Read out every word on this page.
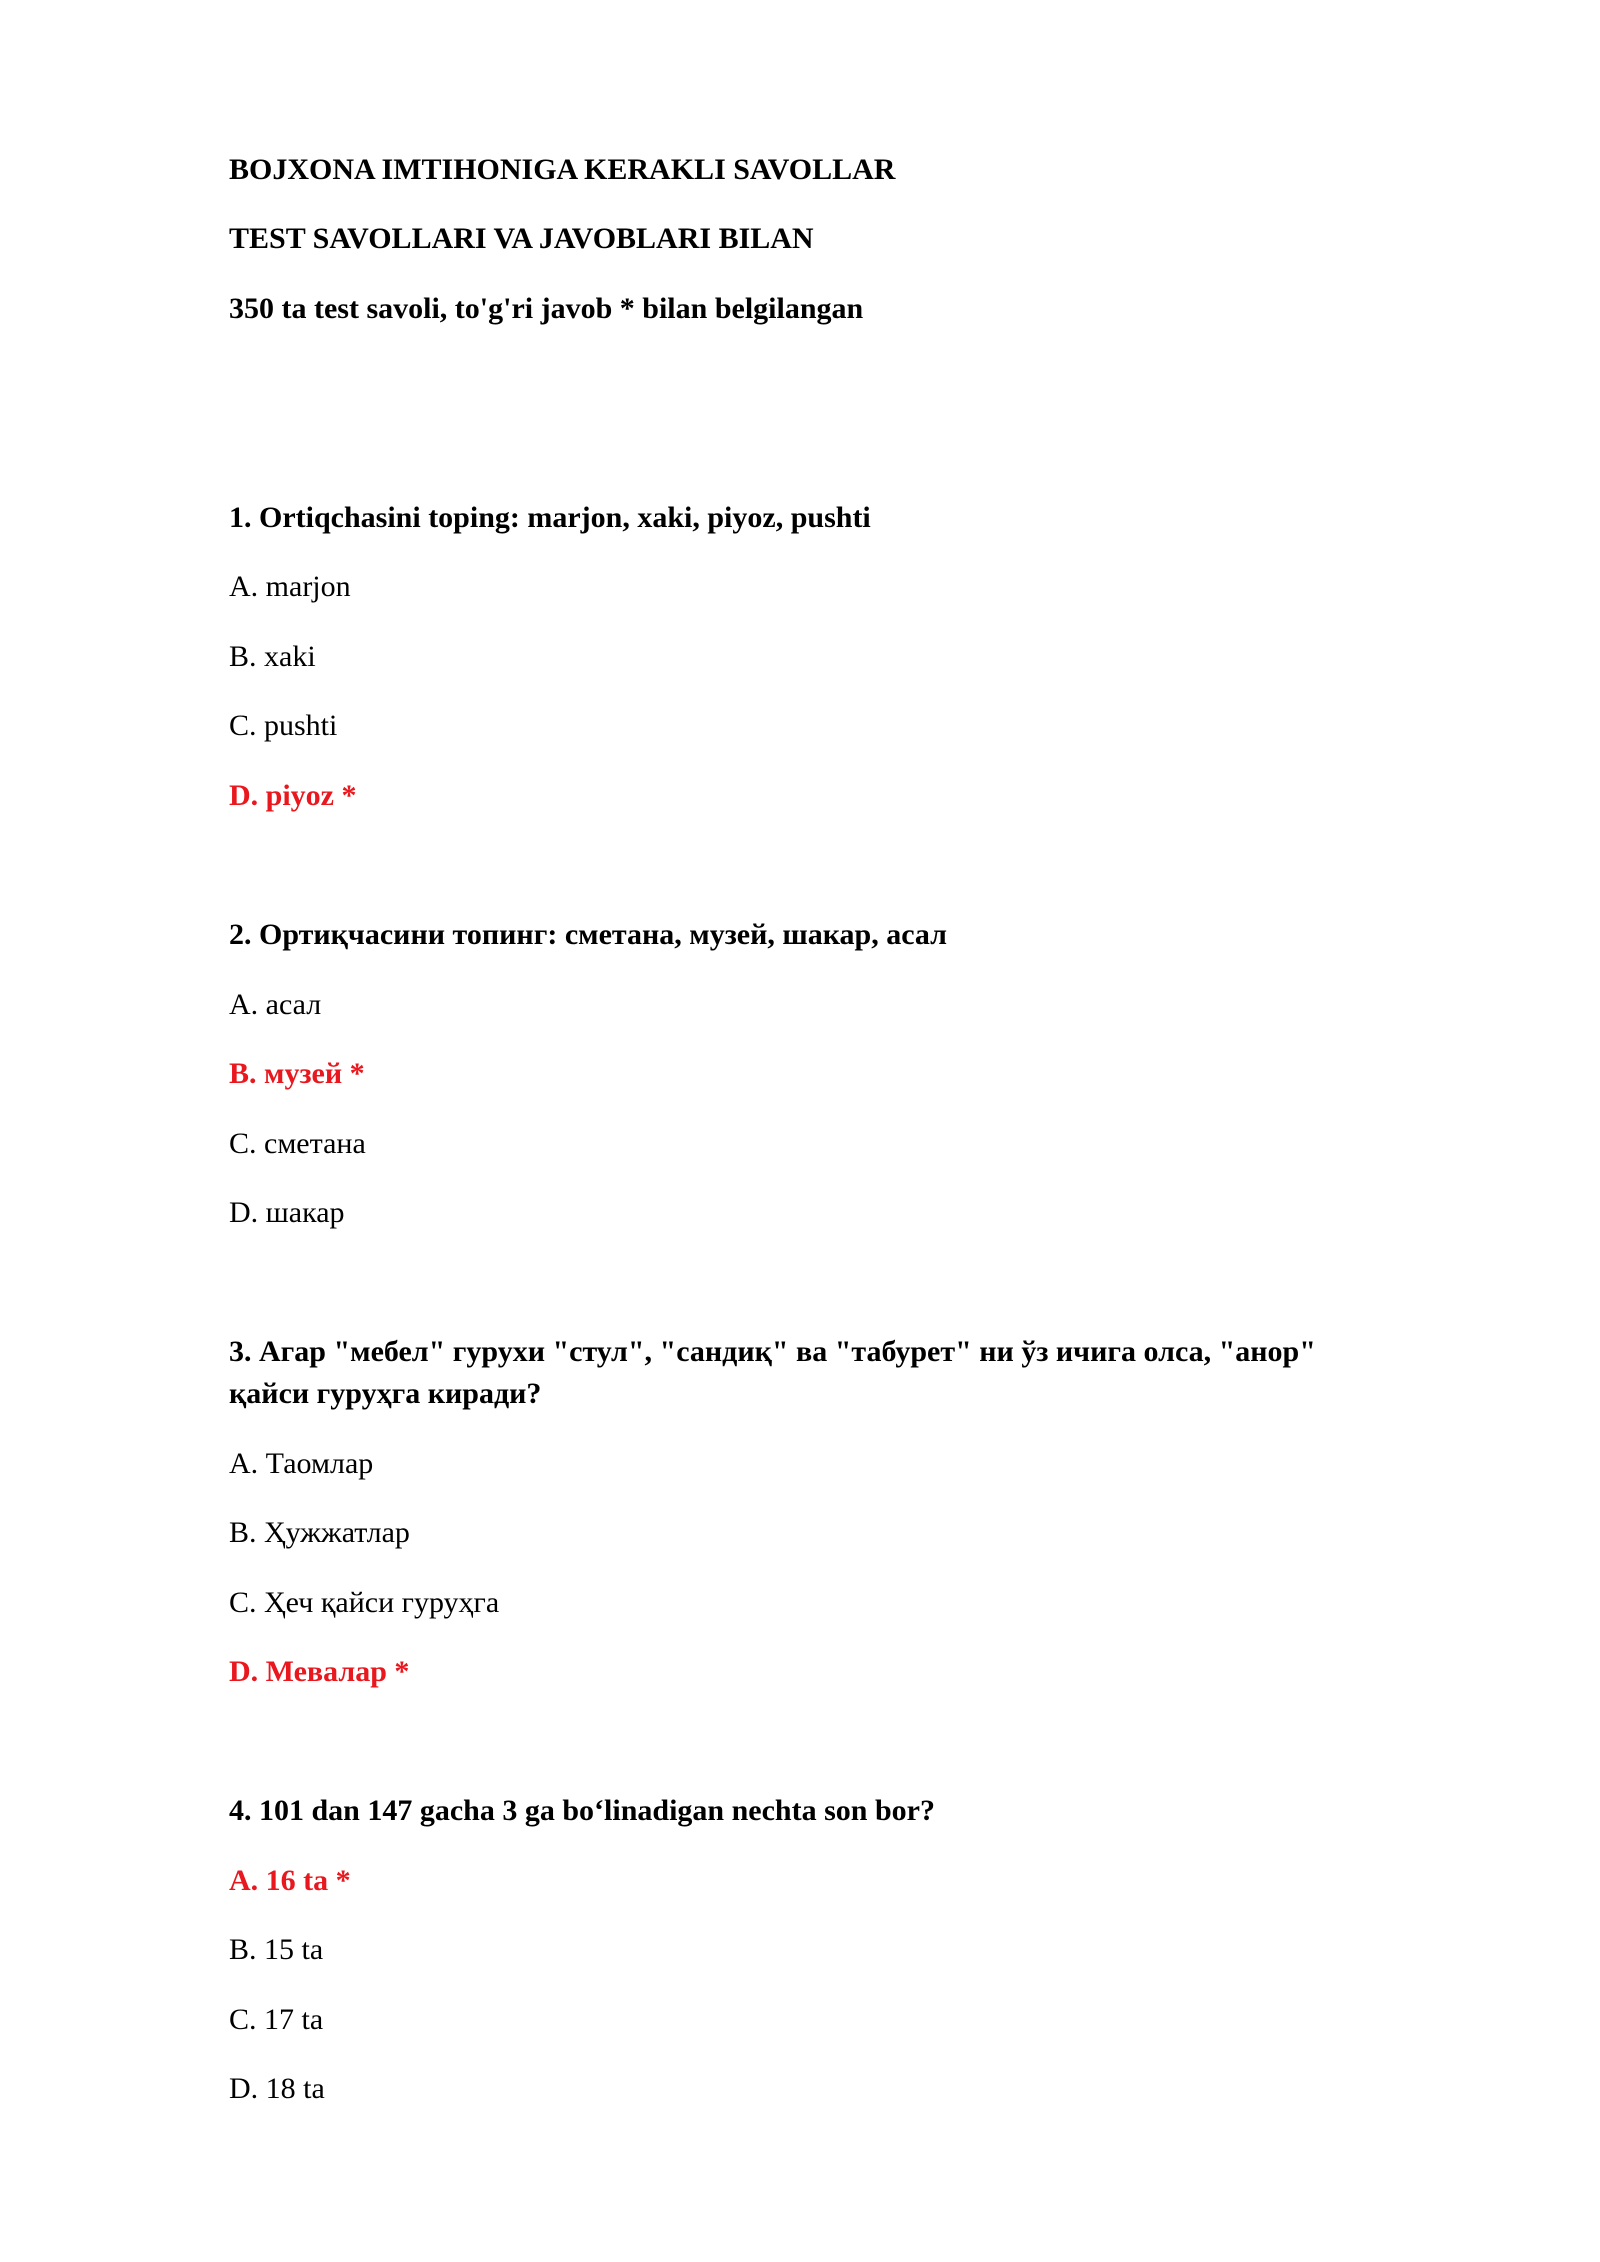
BOJXONA IMTIHONIGA KERAKLI SAVOLLAR
TEST SAVOLLARI VA JAVOBLARI BILAN
350 ta test savoli, to'g'ri javob * bilan belgilangan
1. Ortiqchasini toping: marjon, xaki, piyoz, pushti
A. marjon
B. xaki
C. pushti
D. piyoz *
2. Ортиқчасини топинг: сметана, музей, шакар, асал
A. асал
B. музей *
C. сметана
D. шакар
3. Агар "мебел" гурухи "стул", "сандиқ" ва "табурет" ни ўз ичига олса, "анор"
қайси гуруҳга киради?
A. Таомлар
B. Ҳужжатлар
C. Ҳеч қайси гуруҳга
D. Мевалар *
4. 101 dan 147 gacha 3 ga bo‘linadigan nechta son bor?
A. 16 ta *
B. 15 ta
C. 17 ta
D. 18 ta
